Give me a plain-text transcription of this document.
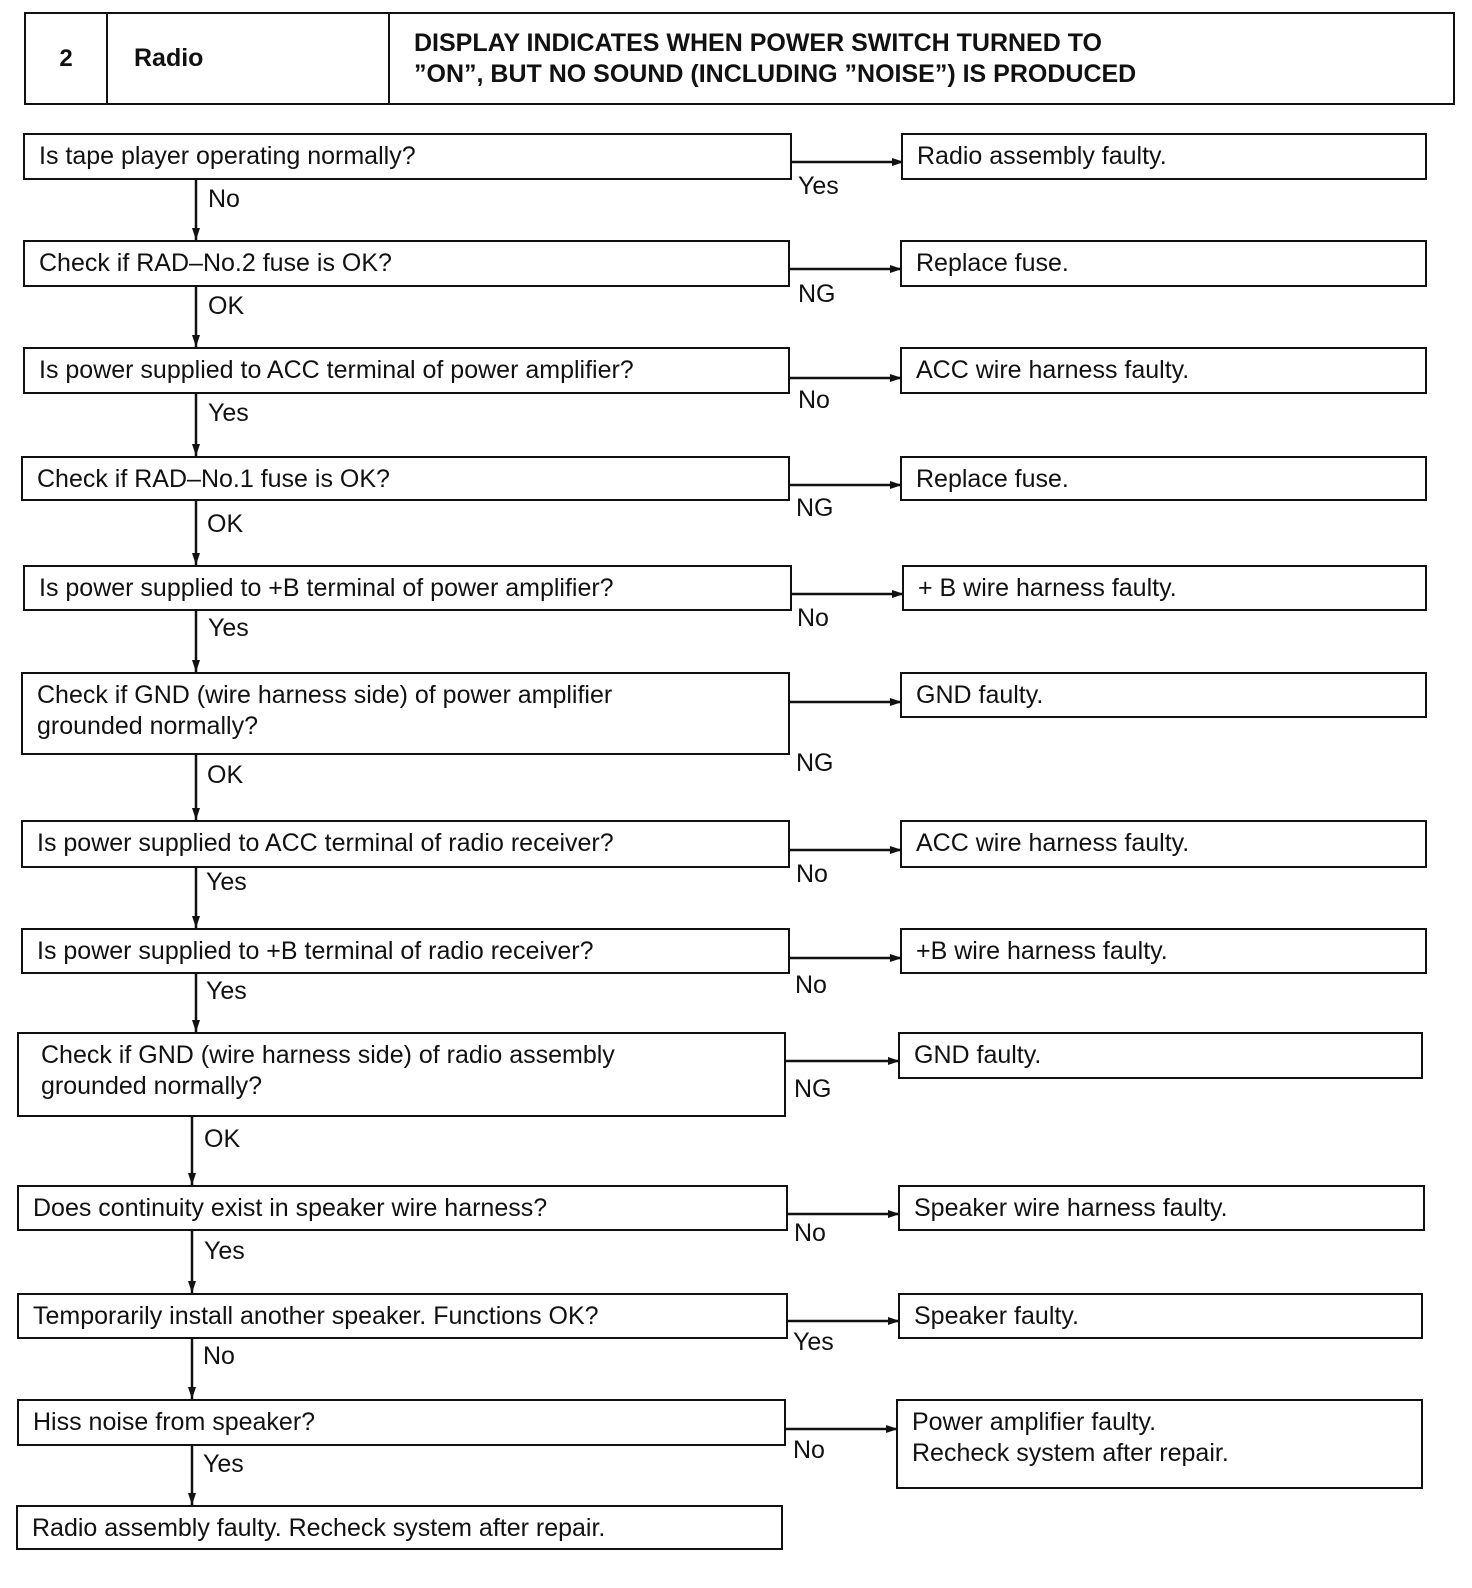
2	Radio
DISPLAY INDICATES WHEN POWER SWITCH TURNED TO
”ON”, BUT NO SOUND (INCLUDING ”NOISE”) IS PRODUCED
Is tape player operating normally?	Radio assembly faulty.
No	Yes
Check if RAD–No.2 fuse is OK?	Replace fuse.
OK	NG
Is power supplied to ACC terminal of power amplifier?	ACC wire harness faulty.
Yes	No
Check if RAD–No.1 fuse is OK?	Replace fuse.
OK
NG
Is power supplied to +B terminal of power amplifier?	+ B wire harness faulty.
Yes	No
Check if GND (wire harness side) of power amplifier
grounded normally?
GND faulty.
OK	NG
Is power supplied to ACC terminal of radio receiver?	ACC wire harness faulty.
Yes	No
Is power supplied to +B terminal of radio receiver?	+B wire harness faulty.
Yes	No
Check if GND (wire harness side) of radio assembly
grounded normally?
GND faulty.
OK
NG
Does continuity exist in speaker wire harness?	Speaker wire harness faulty.
Yes
No
Temporarily install another speaker. Functions OK?	Speaker faulty.
No	Yes
Hiss noise from speaker?	Power amplifier faulty.
Recheck system after repair.
Yes	No
Radio assembly faulty. Recheck system after repair.
